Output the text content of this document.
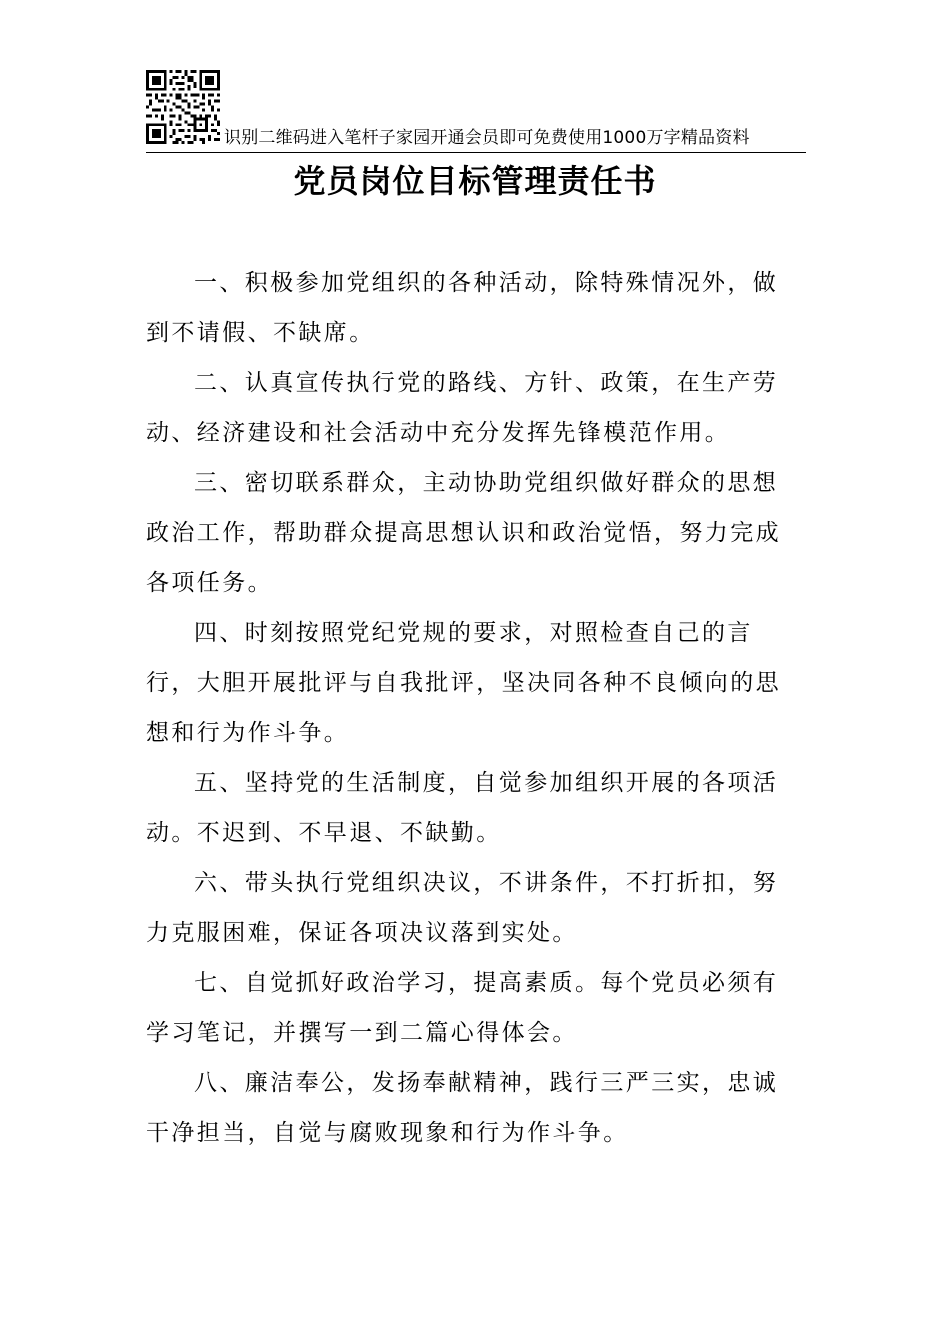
识别二维码进入笔杆子家园开通会员即可免费使用1000万字精品资料
党员岗位目标管理责任书

一、积极参加党组织的各种活动，除特殊情况外，做到不请假、不缺席。

二、认真宣传执行党的路线、方针、政策，在生产劳动、经济建设和社会活动中充分发挥先锋模范作用。

三、密切联系群众，主动协助党组织做好群众的思想政治工作，帮助群众提高思想认识和政治觉悟，努力完成各项任务。

四、时刻按照党纪党规的要求，对照检查自己的言行，大胆开展批评与自我批评，坚决同各种不良倾向的思想和行为作斗争。

五、坚持党的生活制度，自觉参加组织开展的各项活动。不迟到、不早退、不缺勤。

六、带头执行党组织决议，不讲条件，不打折扣，努力克服困难，保证各项决议落到实处。

七、自觉抓好政治学习，提高素质。每个党员必须有学习笔记，并撰写一到二篇心得体会。

八、廉洁奉公，发扬奉献精神，践行三严三实，忠诚干净担当，自觉与腐败现象和行为作斗争。
